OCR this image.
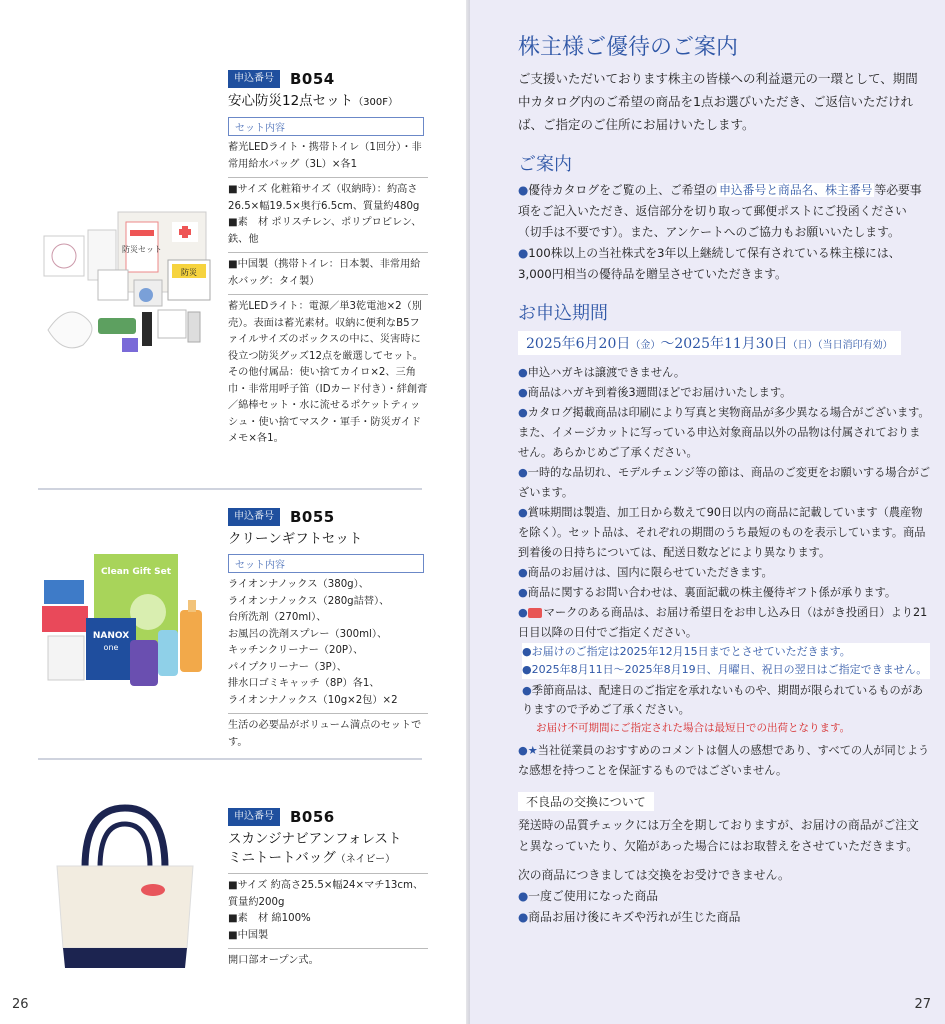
防災セット
防災
申込番号	B054
安心防災12点セット（300F）
セット内容
蓄光LEDライト・携帯トイレ（1回分）・非常用給水バッグ（3L）×各1
■サイズ 化粧箱サイズ（収納時）：約高さ26.5×幅19.5×奥行6.5cm、質量約480g
■素　材 ポリスチレン、ポリプロピレン、鉄、他
■中国製（携帯トイレ：日本製、非常用給水バッグ：タイ製）
蓄光LEDライト：電源／単3乾電池×2（別売）。表面は蓄光素材。収納に便利なB5ファイルサイズのボックスの中に、災害時に役立つ防災グッズ12点を厳選してセット。その他付属品：使い捨てカイロ×2、三角巾・非常用呼子笛（IDカード付き）・絆創膏／綿棒セット・水に流せるポケットティッシュ・使い捨てマスク・軍手・防災ガイドメモ×各1。
Clean Gift Set
NANOX
one
申込番号	B055
クリーンギフトセット
セット内容
ライオンナノックス（380g）、
ライオンナノックス（280g詰替）、
台所洗剤（270ml）、
お風呂の洗剤スプレー（300ml）、
キッチンクリーナー（20P）、
パイプクリーナー（3P）、
排水口ゴミキャッチ（8P）各1、
ライオンナノックス（10g×2包）×2
生活の必要品がボリューム満点のセットです。
申込番号	B056
スカンジナビアンフォレスト
ミニトートバッグ（ネイビー）
■サイズ 約高さ25.5×幅24×マチ13cm、質量約200g
■素　材 綿100%
■中国製
開口部オープン式。
26
株主様ご優待のご案内
ご支援いただいております株主の皆様への利益還元の一環として、期間中カタログ内のご希望の商品を1点お選びいただき、ご返信いただければ、ご指定のご住所にお届けいたします。
ご案内
●優待カタログをご覧の上、ご希望の 申込番号と商品名、株主番号 等必要事項をご記入いただき、返信部分を切り取って郵便ポストにご投函ください（切手は不要です）。また、アンケートへのご協力もお願いいたします。
●100株以上の当社株式を3年以上継続して保有されている株主様には、3,000円相当の優待品を贈呈させていただきます。
お申込期間
2025年6月20日（金）～2025年11月30日（日）（当日消印有効）
●申込ハガキは譲渡できません。
●商品はハガキ到着後3週間ほどでお届けいたします。
●カタログ掲載商品は印刷により写真と実物商品が多少異なる場合がございます。また、イメージカットに写っている申込対象商品以外の品物は付属されておりません。あらかじめご了承ください。
●一時的な品切れ、モデルチェンジ等の節は、商品のご変更をお願いする場合がございます。
●賞味期間は製造、加工日から数えて90日以内の商品に記載しています（農産物を除く）。セット品は、それぞれの期間のうち最短のものを表示しています。商品到着後の日持ちについては、配送日数などにより異なります。
●商品のお届けは、国内に限らせていただきます。
●商品に関するお問い合わせは、裏面記載の株主優待ギフト係が承ります。
● マークのある商品は、お届け希望日をお申し込み日（はがき投函日）より21日目以降の日付でご指定ください。
●お届けのご指定は2025年12月15日までとさせていただきます。
●2025年8月11日～2025年8月19日、月曜日、祝日の翌日はご指定できません。
●季節商品は、配達日のご指定を承れないものや、期間が限られているものがありますので予めご了承ください。
お届け不可期間にご指定された場合は最短日での出荷となります。
●★当社従業員のおすすめのコメントは個人の感想であり、すべての人が同じような感想を持つことを保証するものではございません。
不良品の交換について
発送時の品質チェックには万全を期しておりますが、お届けの商品がご注文と異なっていたり、欠陥があった場合にはお取替えをさせていただきます。
次の商品につきましては交換をお受けできません。
●一度ご使用になった商品
●商品お届け後にキズや汚れが生じた商品
27
